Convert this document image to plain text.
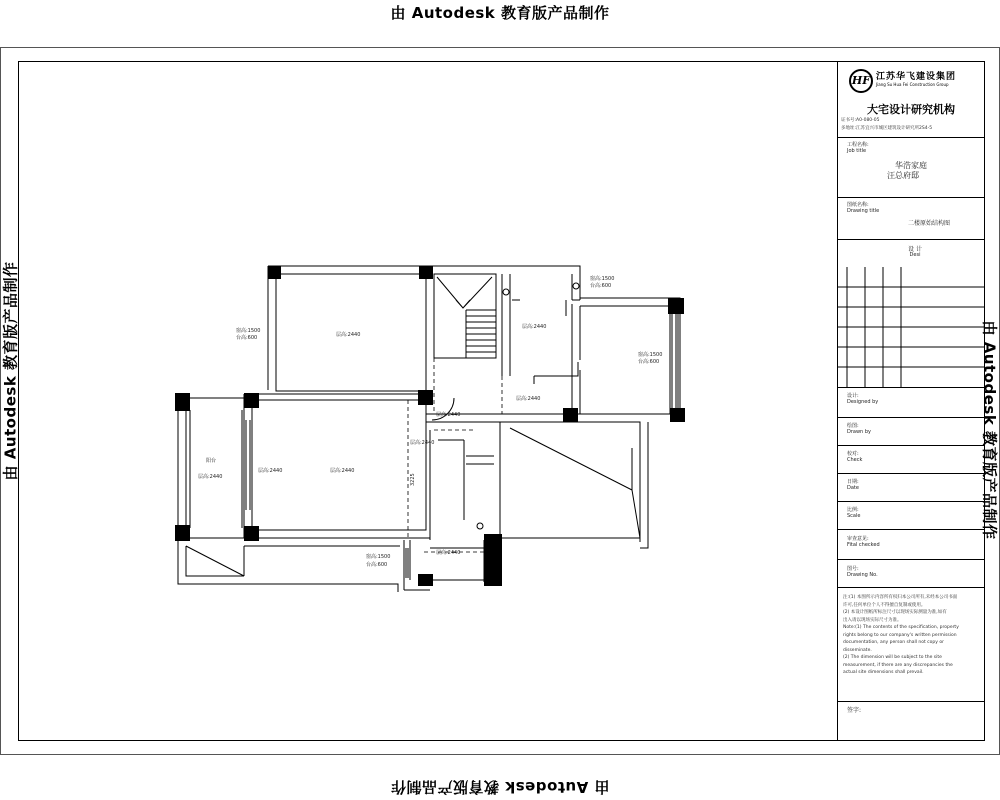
由 Autodesk 教育版产品制作
由 Autodesk 教育版产品制作
由 Autodesk 教育版产品制作	由 Autodesk 教育版产品制作
层高:2440
层高:2440
层高:2440
层高:2440
层高:2440
层高:2440
层高:2440
层高:2440
层高:2440
阳台
窗高:1500
台高:600
窗高:1500
台高:600
窗高:1500
台高:600
窗高:1500
台高:600
3225
HF 江苏华飞建设集团
Jiang Su Hua Fei Construction Group
大宅设计研究机构
证书号:A0-080-05
多地址:江苏宜兴市城区建筑设计研究所2S4-5
工程名称:
Job title
华浩家庭
汪总府邸
图纸名称:
Drawing title
二楼原始结构图
设 计
Desi
设计:
Designed by
绘图:
Drawn by
校对:
Check
日期:
Date
比例:
Scale
审查意见:
Fital checked
图号:
Drawing No.
注:(1) 本图所示内容所有权归本公司所有,未经本公司书面
许可,任何单位个人不得擅自复制或使用。
(2) 本设计图纸所标注尺寸以现场实际测量为准,如有
出入请以现场实际尺寸为准。
Note:(1) The contents of the specification, property
rights belong to our company's written permission
documentation, any person shall not copy or
disseminate.
(2) The dimension will be subject to the site
measurement, if there are any discrepancies the
actual site dimensions shall prevail.
签字:
